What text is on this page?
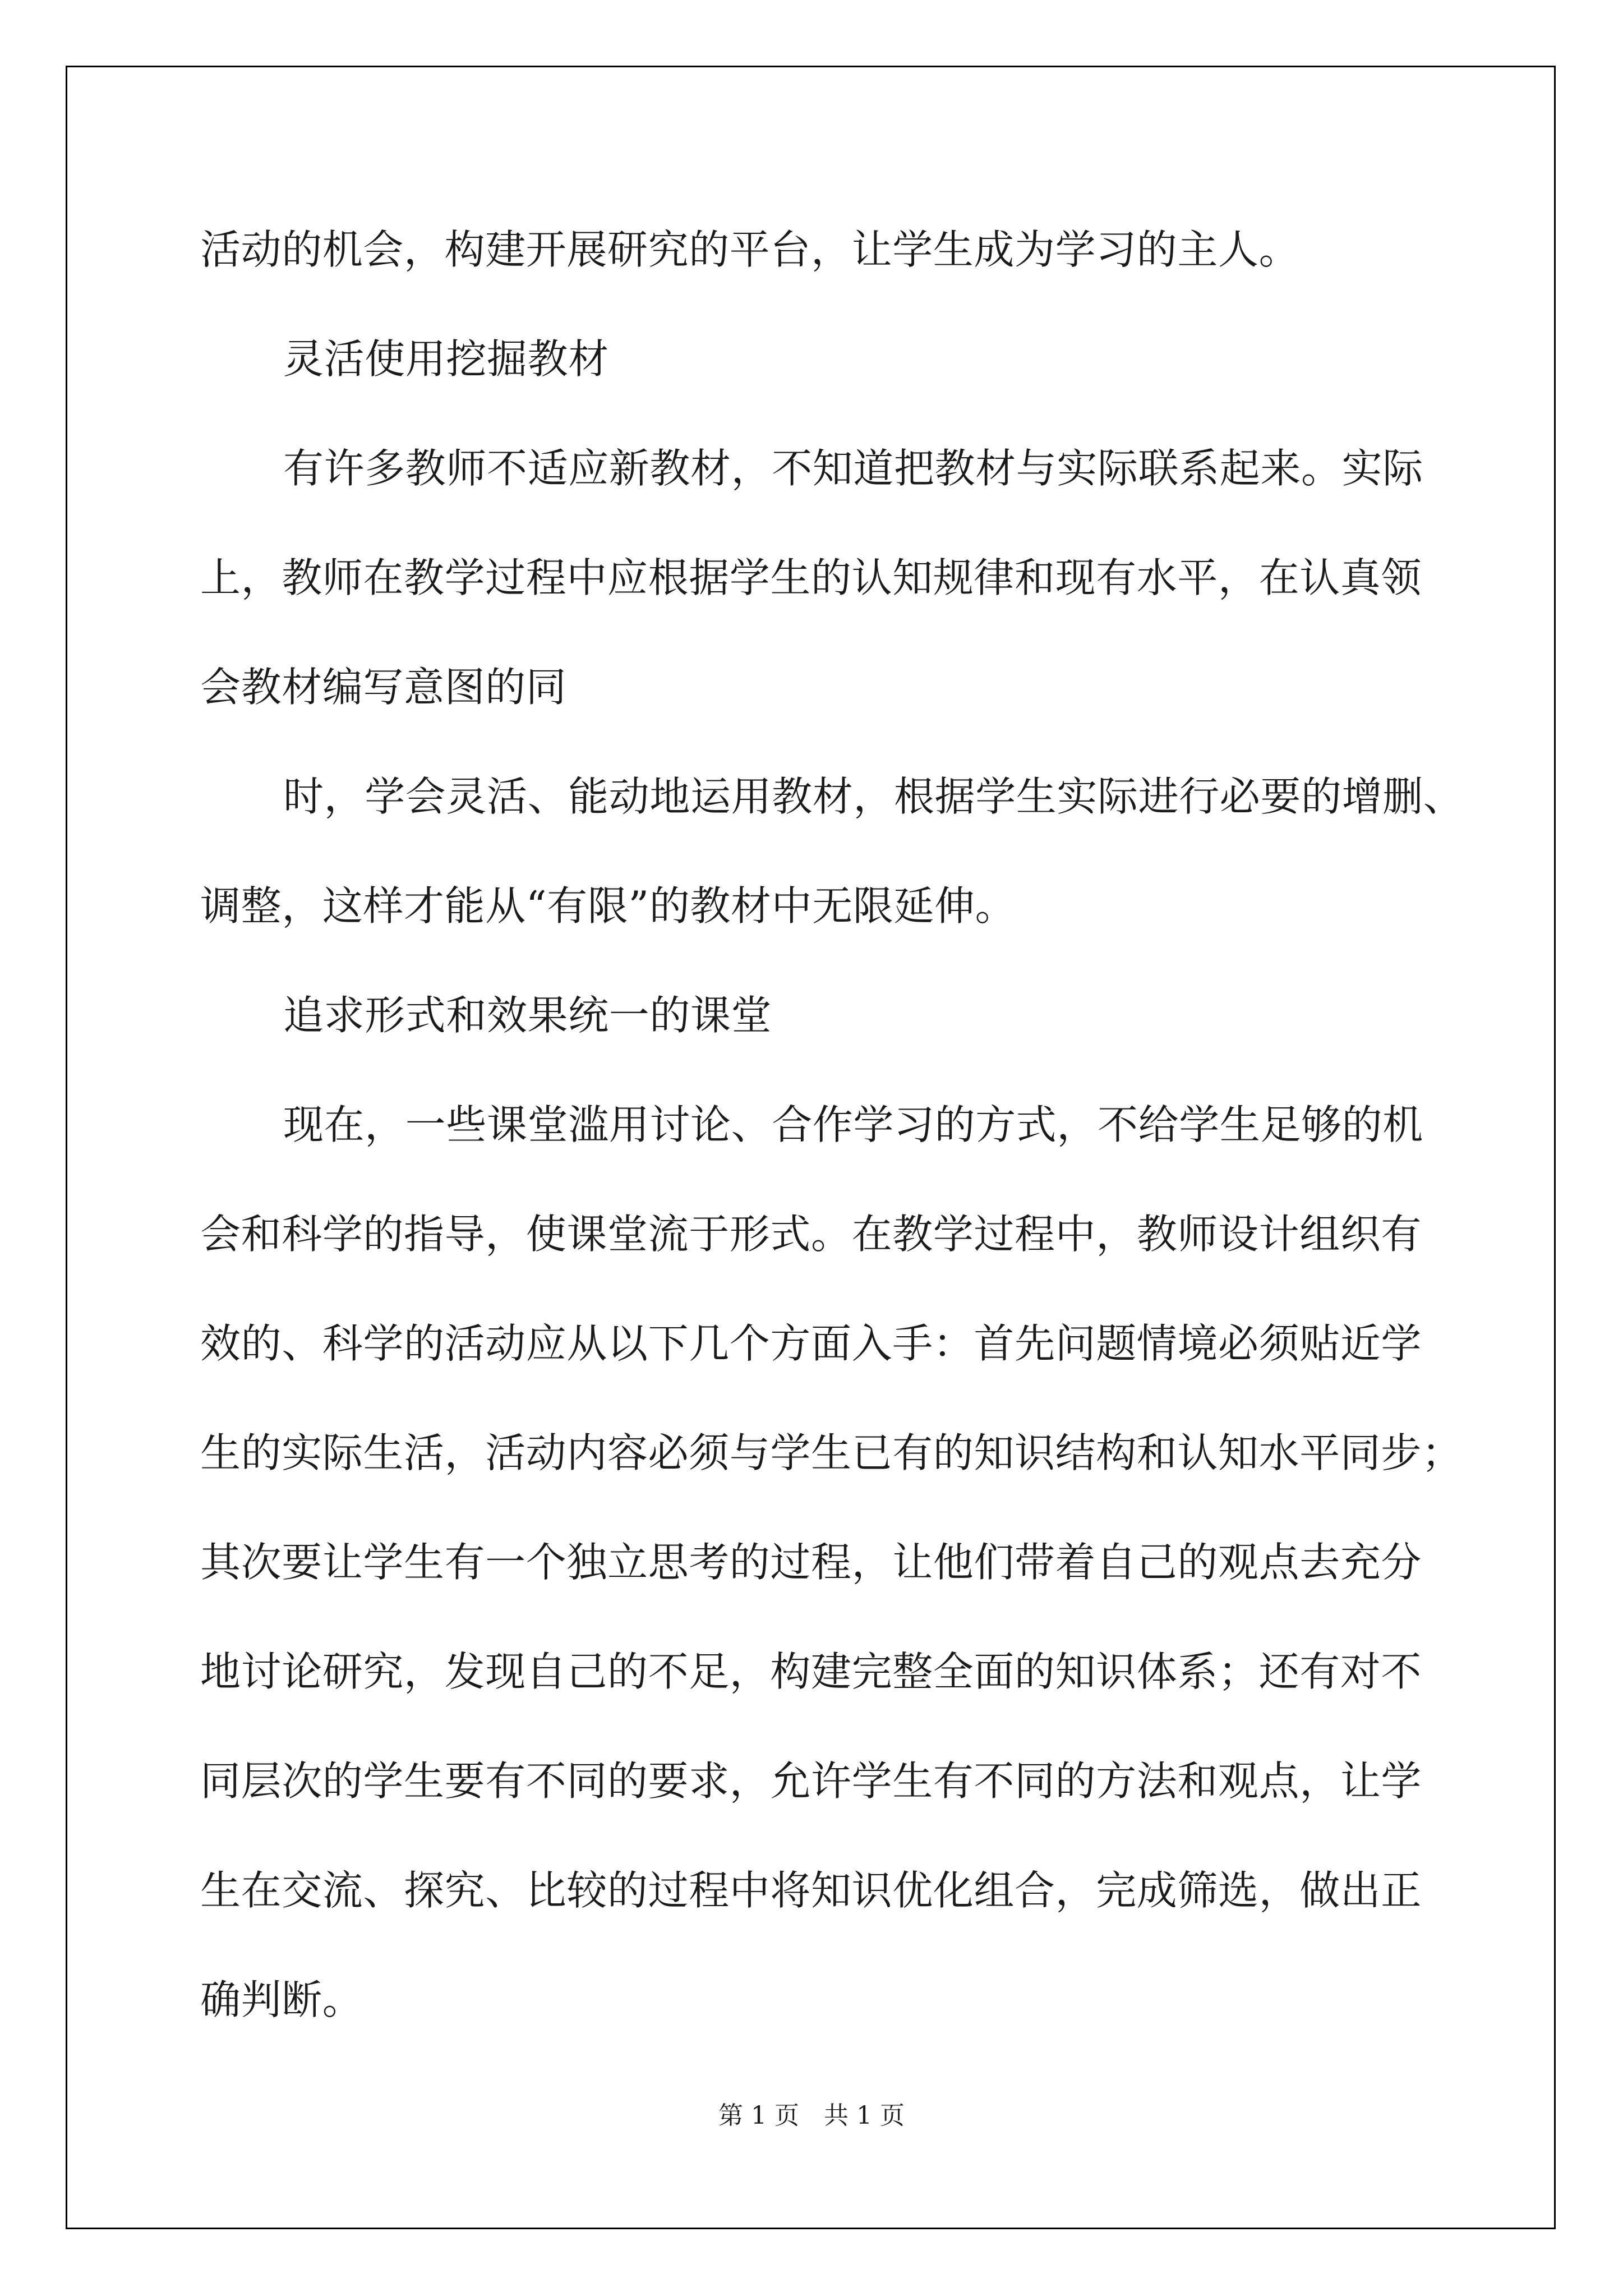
活动的机会，构建开展研究的平台，让学生成为学习的主人。

灵活使用挖掘教材

有许多教师不适应新教材，不知道把教材与实际联系起来。实际

上，教师在教学过程中应根据学生的认知规律和现有水平，在认真领

会教材编写意图的同

时，学会灵活、能动地运用教材，根据学生实际进行必要的增删、

调整，这样才能从“有限”的教材中无限延伸。

追求形式和效果统一的课堂

现在，一些课堂滥用讨论、合作学习的方式，不给学生足够的机

会和科学的指导，使课堂流于形式。在教学过程中，教师设计组织有

效的、科学的活动应从以下几个方面入手：首先问题情境必须贴近学

生的实际生活，活动内容必须与学生已有的知识结构和认知水平同步；

其次要让学生有一个独立思考的过程，让他们带着自己的观点去充分

地讨论研究，发现自己的不足，构建完整全面的知识体系；还有对不

同层次的学生要有不同的要求，允许学生有不同的方法和观点，让学

生在交流、探究、比较的过程中将知识优化组合，完成筛选，做出正

确判断。

第 1 页　共 1 页
